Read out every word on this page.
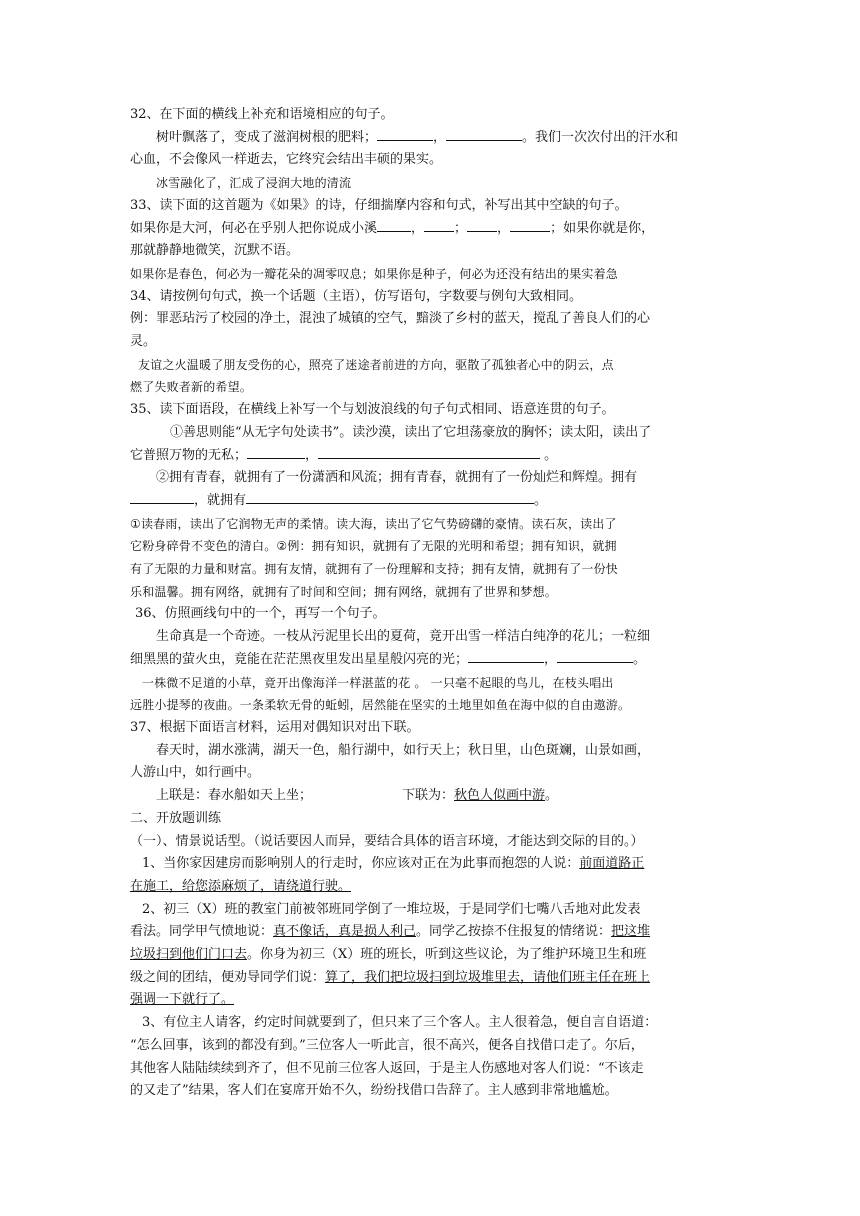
32、在下面的横线上补充和语境相应的句子。
树叶飘落了，变成了滋润树根的肥料；	，	。我们一次次付出的汗水和
心血，不会像风一样逝去，它终究会结出丰硕的果实。
冰雪融化了，汇成了浸润大地的清流
33、读下面的这首题为《如果》的诗，仔细揣摩内容和句式，补写出其中空缺的句子。
如果你是大河，何必在乎别人把你说成小溪	， ； ，	；如果你就是你，
那就静静地微笑，沉默不语。
如果你是春色，何必为一瓣花朵的凋零叹息；如果你是种子，何必为还没有结出的果实着急
34、请按例句句式，换一个话题（主语），仿写语句，字数要与例句大致相同。
例：罪恶玷污了校园的净土，混浊了城镇的空气，黯淡了乡村的蓝天，搅乱了善良人们的心
灵。
友谊之火温暖了朋友受伤的心，照亮了迷途者前进的方向，驱散了孤独者心中的阴云，点
燃了失败者新的希望。
35、读下面语段，在横线上补写一个与划波浪线的句子句式相同、语意连贯的句子。
①善思则能“从无字句处读书”。读沙漠，读出了它坦荡豪放的胸怀；读太阳，读出了
它普照万物的无私；	，	。
②拥有青春，就拥有了一份潇洒和风流；拥有青春，就拥有了一份灿烂和辉煌。拥有
，就拥有	。
①读春雨，读出了它润物无声的柔情。读大海，读出了它气势磅礴的豪情。读石灰，读出了
它粉身碎骨不变色的清白。②例：拥有知识，就拥有了无限的光明和希望；拥有知识，就拥
有了无限的力量和财富。拥有友情，就拥有了一份理解和支持；拥有友情，就拥有了一份快
乐和温馨。拥有网络，就拥有了时间和空间；拥有网络，就拥有了世界和梦想。
36、仿照画线句中的一个，再写一个句子。
生命真是一个奇迹。一枝从污泥里长出的夏荷，竟开出雪一样洁白纯净的花儿；一粒细
细黑黑的萤火虫，竟能在茫茫黑夜里发出星星般闪亮的光；	，	。
一株微不足道的小草，竟开出像海洋一样湛蓝的花 。 一只毫不起眼的鸟儿，在枝头唱出
远胜小提琴的夜曲。一条柔软无骨的蚯蚓，居然能在坚实的土地里如鱼在海中似的自由遨游。
37、根据下面语言材料，运用对偶知识对出下联。
春天时，湖水涨满，湖天一色，船行湖中，如行天上；秋日里，山色斑斓，山景如画，
人游山中，如行画中。
上联是：春水船如天上坐；	下联为：秋色人似画中游。
二、开放题训练
（一）、情景说话型。（说话要因人而异，要结合具体的语言环境，才能达到交际的目的。）
1、当你家因建房而影响别人的行走时，你应该对正在为此事而抱怨的人说：前面道路正
在施工，给您添麻烦了，请绕道行驶。
2、初三（X）班的教室门前被邻班同学倒了一堆垃圾，于是同学们七嘴八舌地对此发表
看法。同学甲气愤地说：真不像话，真是损人利己。同学乙按捺不住报复的情绪说：把这堆
垃圾扫到他们门口去。你身为初三（X）班的班长，听到这些议论，为了维护环境卫生和班
级之间的团结，便劝导同学们说：算了，我们把垃圾扫到垃圾堆里去，请他们班主任在班上
强调一下就行了。
3、有位主人请客，约定时间就要到了，但只来了三个客人。主人很着急，便自言自语道：
“怎么回事，该到的都没有到。”三位客人一听此言，很不高兴，便各自找借口走了。尔后，
其他客人陆陆续续到齐了，但不见前三位客人返回，于是主人伤感地对客人们说：“不该走
的又走了”结果，客人们在宴席开始不久，纷纷找借口告辞了。主人感到非常地尴尬。
